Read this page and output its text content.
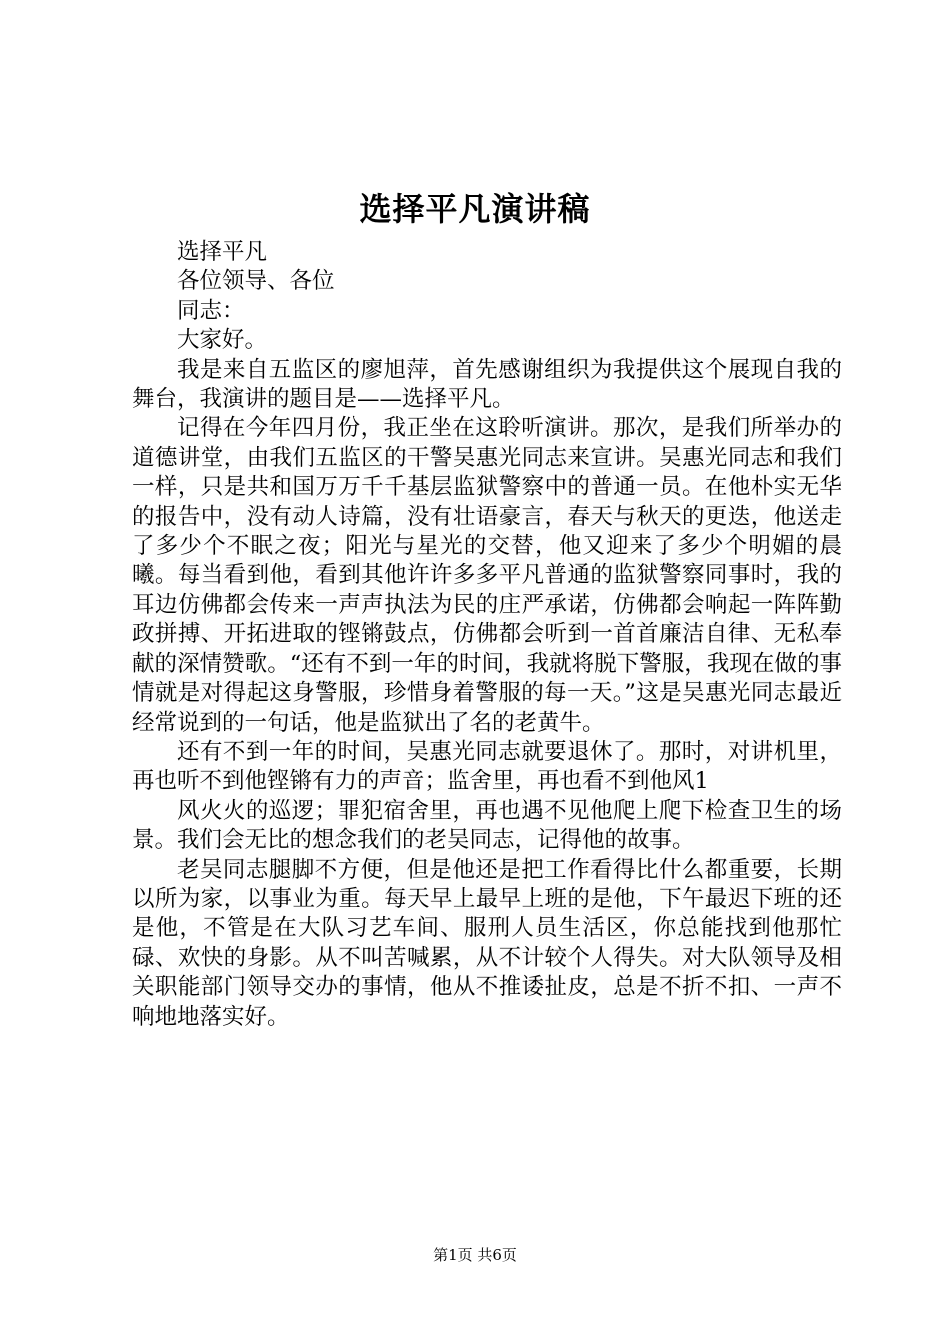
选择平凡演讲稿

选择平凡

各位领导、各位

同志：

大家好。

我是来自五监区的廖旭萍，首先感谢组织为我提供这个展现自我的舞台，我演讲的题目是——选择平凡。

记得在今年四月份，我正坐在这聆听演讲。那次，是我们所举办的道德讲堂，由我们五监区的干警吴惠光同志来宣讲。吴惠光同志和我们一样，只是共和国万万千千基层监狱警察中的普通一员。在他朴实无华的报告中，没有动人诗篇，没有壮语豪言，春天与秋天的更迭，他送走了多少个不眠之夜；阳光与星光的交替，他又迎来了多少个明媚的晨曦。每当看到他，看到其他许许多多平凡普通的监狱警察同事时，我的耳边仿佛都会传来一声声执法为民的庄严承诺，仿佛都会响起一阵阵勤政拼搏、开拓进取的铿锵鼓点，仿佛都会听到一首首廉洁自律、无私奉献的深情赞歌。“还有不到一年的时间，我就将脱下警服，我现在做的事情就是对得起这身警服，珍惜身着警服的每一天。”这是吴惠光同志最近经常说到的一句话，他是监狱出了名的老黄牛。

还有不到一年的时间，吴惠光同志就要退休了。那时，对讲机里，再也听不到他铿锵有力的声音；监舍里，再也看不到他风1

风火火的巡逻；罪犯宿舍里，再也遇不见他爬上爬下检查卫生的场景。我们会无比的想念我们的老吴同志，记得他的故事。

老吴同志腿脚不方便，但是他还是把工作看得比什么都重要，长期以所为家，以事业为重。每天早上最早上班的是他，下午最迟下班的还是他，不管是在大队习艺车间、服刑人员生活区，你总能找到他那忙碌、欢快的身影。从不叫苦喊累，从不计较个人得失。对大队领导及相关职能部门领导交办的事情，他从不推诿扯皮，总是不折不扣、一声不响地地落实好。

第1页 共6页
